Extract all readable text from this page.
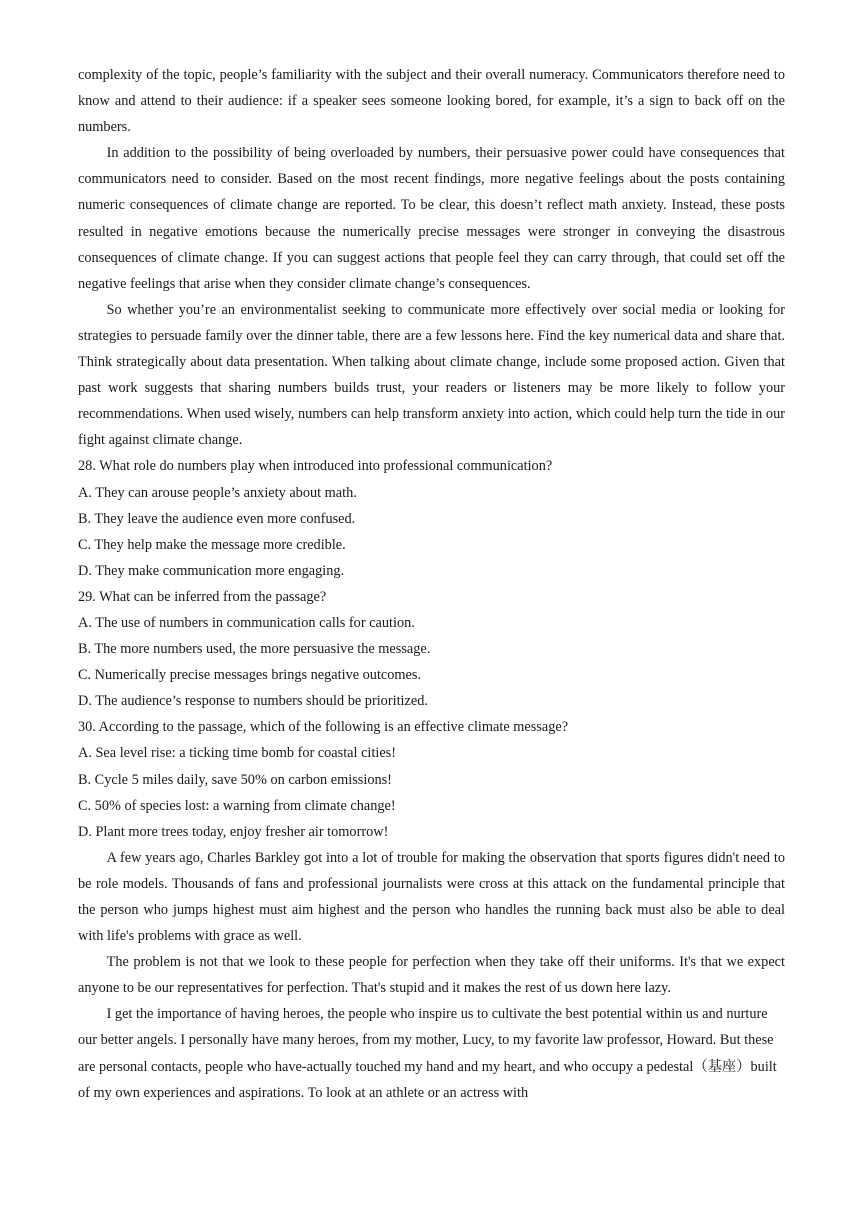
complexity of the topic, people’s familiarity with the subject and their overall numeracy. Communicators therefore need to know and attend to their audience: if a speaker sees someone looking bored, for example, it’s a sign to back off on the numbers.

In addition to the possibility of being overloaded by numbers, their persuasive power could have consequences that communicators need to consider. Based on the most recent findings, more negative feelings about the posts containing numeric consequences of climate change are reported. To be clear, this doesn’t reflect math anxiety. Instead, these posts resulted in negative emotions because the numerically precise messages were stronger in conveying the disastrous consequences of climate change. If you can suggest actions that people feel they can carry through, that could set off the negative feelings that arise when they consider climate change’s consequences.

So whether you’re an environmentalist seeking to communicate more effectively over social media or looking for strategies to persuade family over the dinner table, there are a few lessons here. Find the key numerical data and share that. Think strategically about data presentation. When talking about climate change, include some proposed action. Given that past work suggests that sharing numbers builds trust, your readers or listeners may be more likely to follow your recommendations. When used wisely, numbers can help transform anxiety into action, which could help turn the tide in our fight against climate change.

28. What role do numbers play when introduced into professional communication?

A. They can arouse people’s anxiety about math.

B. They leave the audience even more confused.

C. They help make the message more credible.

D. They make communication more engaging.

29. What can be inferred from the passage?

A. The use of numbers in communication calls for caution.

B. The more numbers used, the more persuasive the message.

C. Numerically precise messages brings negative outcomes.

D. The audience’s response to numbers should be prioritized.

30. According to the passage, which of the following is an effective climate message?

A. Sea level rise: a ticking time bomb for coastal cities!

B. Cycle 5 miles daily, save 50% on carbon emissions!

C. 50% of species lost: a warning from climate change!

D. Plant more trees today, enjoy fresher air tomorrow!

A few years ago, Charles Barkley got into a lot of trouble for making the observation that sports figures didn't need to be role models. Thousands of fans and professional journalists were cross at this attack on the fundamental principle that the person who jumps highest must aim highest and the person who handles the running back must also be able to deal with life's problems with grace as well.

The problem is not that we look to these people for perfection when they take off their uniforms. It's that we expect anyone to be our representatives for perfection. That's stupid and it makes the rest of us down here lazy.

I get the importance of having heroes, the people who inspire us to cultivate the best potential within us and nurture our better angels. I personally have many heroes, from my mother, Lucy, to my favorite law professor, Howard. But these are personal contacts, people who have-actually touched my hand and my heart, and who occupy a pedestal（基座）built of my own experiences and aspirations. To look at an athlete or an actress with
